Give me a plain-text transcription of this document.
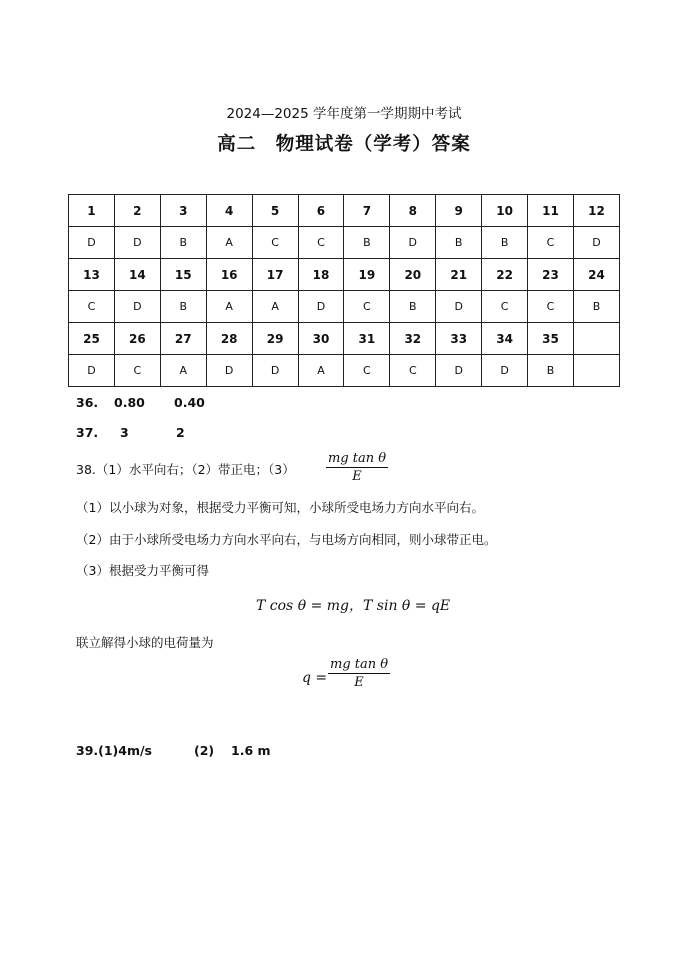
2024—2025 学年度第一学期期中考试
高二　物理试卷（学考）答案
1	2	3	4	5	6	7	8	9	10	11	12
D	D	B	A	C	C	B	D	B	B	C	D
13	14	15	16	17	18	19	20	21	22	23	24
C	D	B	A	A	D	C	B	D	C	C	B
25	26	27	28	29	30	31	32	33	34	35	
D	C	A	D	D	A	C	C	D	D	B	
36. 0.80 0.40
37. 3	2
38.（1）水平向右；（2）带正电；$(3) \frac{\text{mg tan θ}}{E}$
（1）以小球为对象，根据受力平衡可知，小球所受电场力方向水平向右。
（2）由于小球所受电场力方向水平向右，与电场方向相同，则小球带正电。
（3）根据受力平衡可得
T cos θ = mg，T sin θ = qE
联立解得小球的电荷量为
$q = \frac{\text{mg tan θ}}{E}$
39.(1)4m/s	(2) 1.6 m
